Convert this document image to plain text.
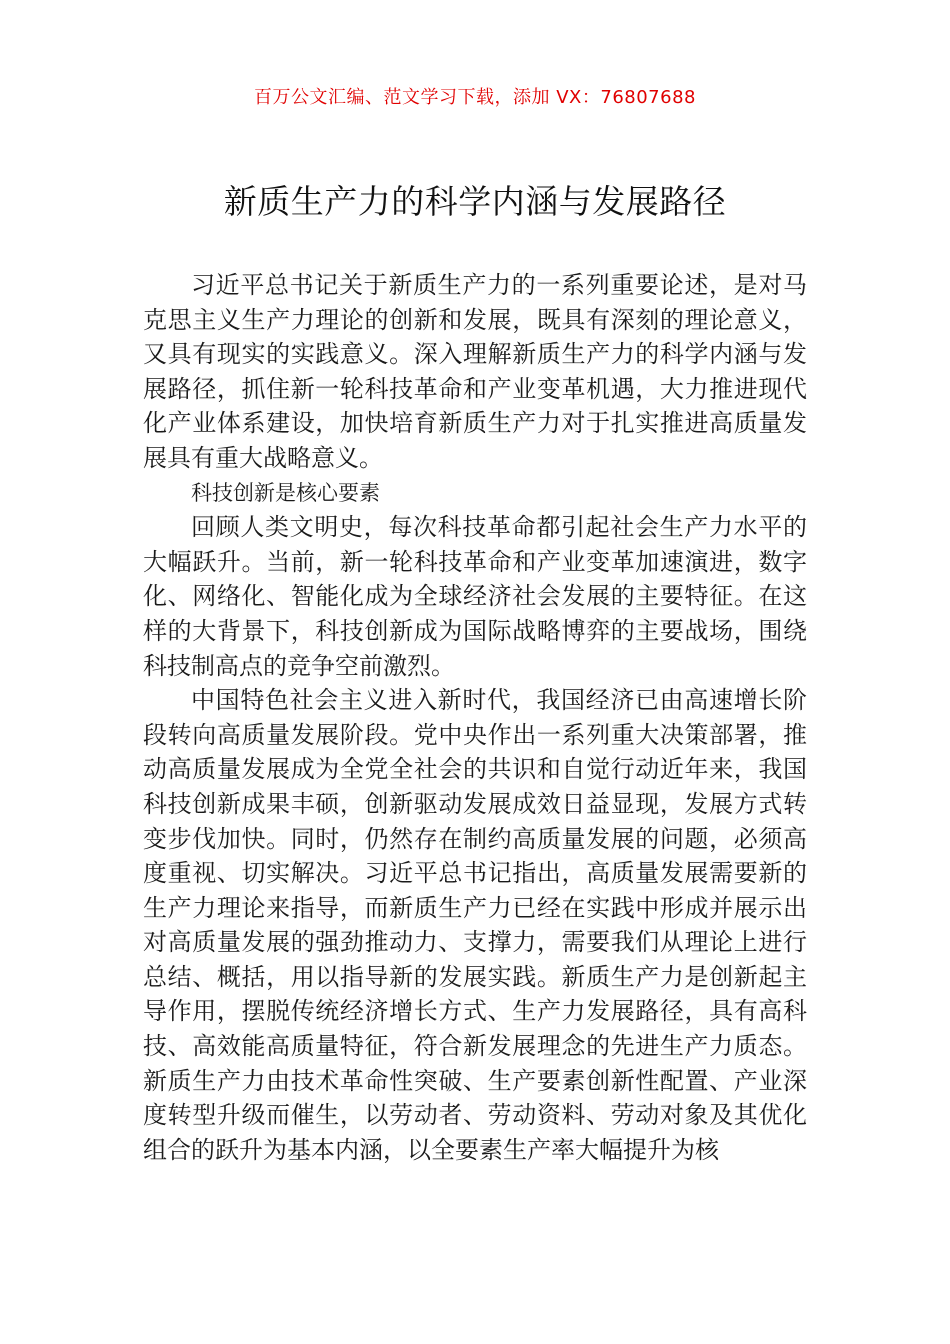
百万公文汇编、范文学习下载，添加 VX：76807688
新质生产力的科学内涵与发展路径

习近平总书记关于新质生产力的一系列重要论述，是对马克思主义生产力理论的创新和发展，既具有深刻的理论意义，又具有现实的实践意义。深入理解新质生产力的科学内涵与发展路径，抓住新一轮科技革命和产业变革机遇，大力推进现代化产业体系建设，加快培育新质生产力对于扎实推进高质量发展具有重大战略意义。

科技创新是核心要素

回顾人类文明史，每次科技革命都引起社会生产力水平的大幅跃升。当前，新一轮科技革命和产业变革加速演进，数字化、网络化、智能化成为全球经济社会发展的主要特征。在这样的大背景下，科技创新成为国际战略博弈的主要战场，围绕科技制高点的竞争空前激烈。

中国特色社会主义进入新时代，我国经济已由高速增长阶段转向高质量发展阶段。党中央作出一系列重大决策部署，推动高质量发展成为全党全社会的共识和自觉行动近年来，我国科技创新成果丰硕，创新驱动发展成效日益显现，发展方式转变步伐加快。同时，仍然存在制约高质量发展的问题，必须高度重视、切实解决。习近平总书记指出，高质量发展需要新的生产力理论来指导，而新质生产力已经在实践中形成并展示出对高质量发展的强劲推动力、支撑力，需要我们从理论上进行总结、概括，用以指导新的发展实践。新质生产力是创新起主导作用，摆脱传统经济增长方式、生产力发展路径，具有高科技、高效能高质量特征，符合新发展理念的先进生产力质态。新质生产力由技术革命性突破、生产要素创新性配置、产业深度转型升级而催生，以劳动者、劳动资料、劳动对象及其优化组合的跃升为基本内涵，以全要素生产率大幅提升为核
